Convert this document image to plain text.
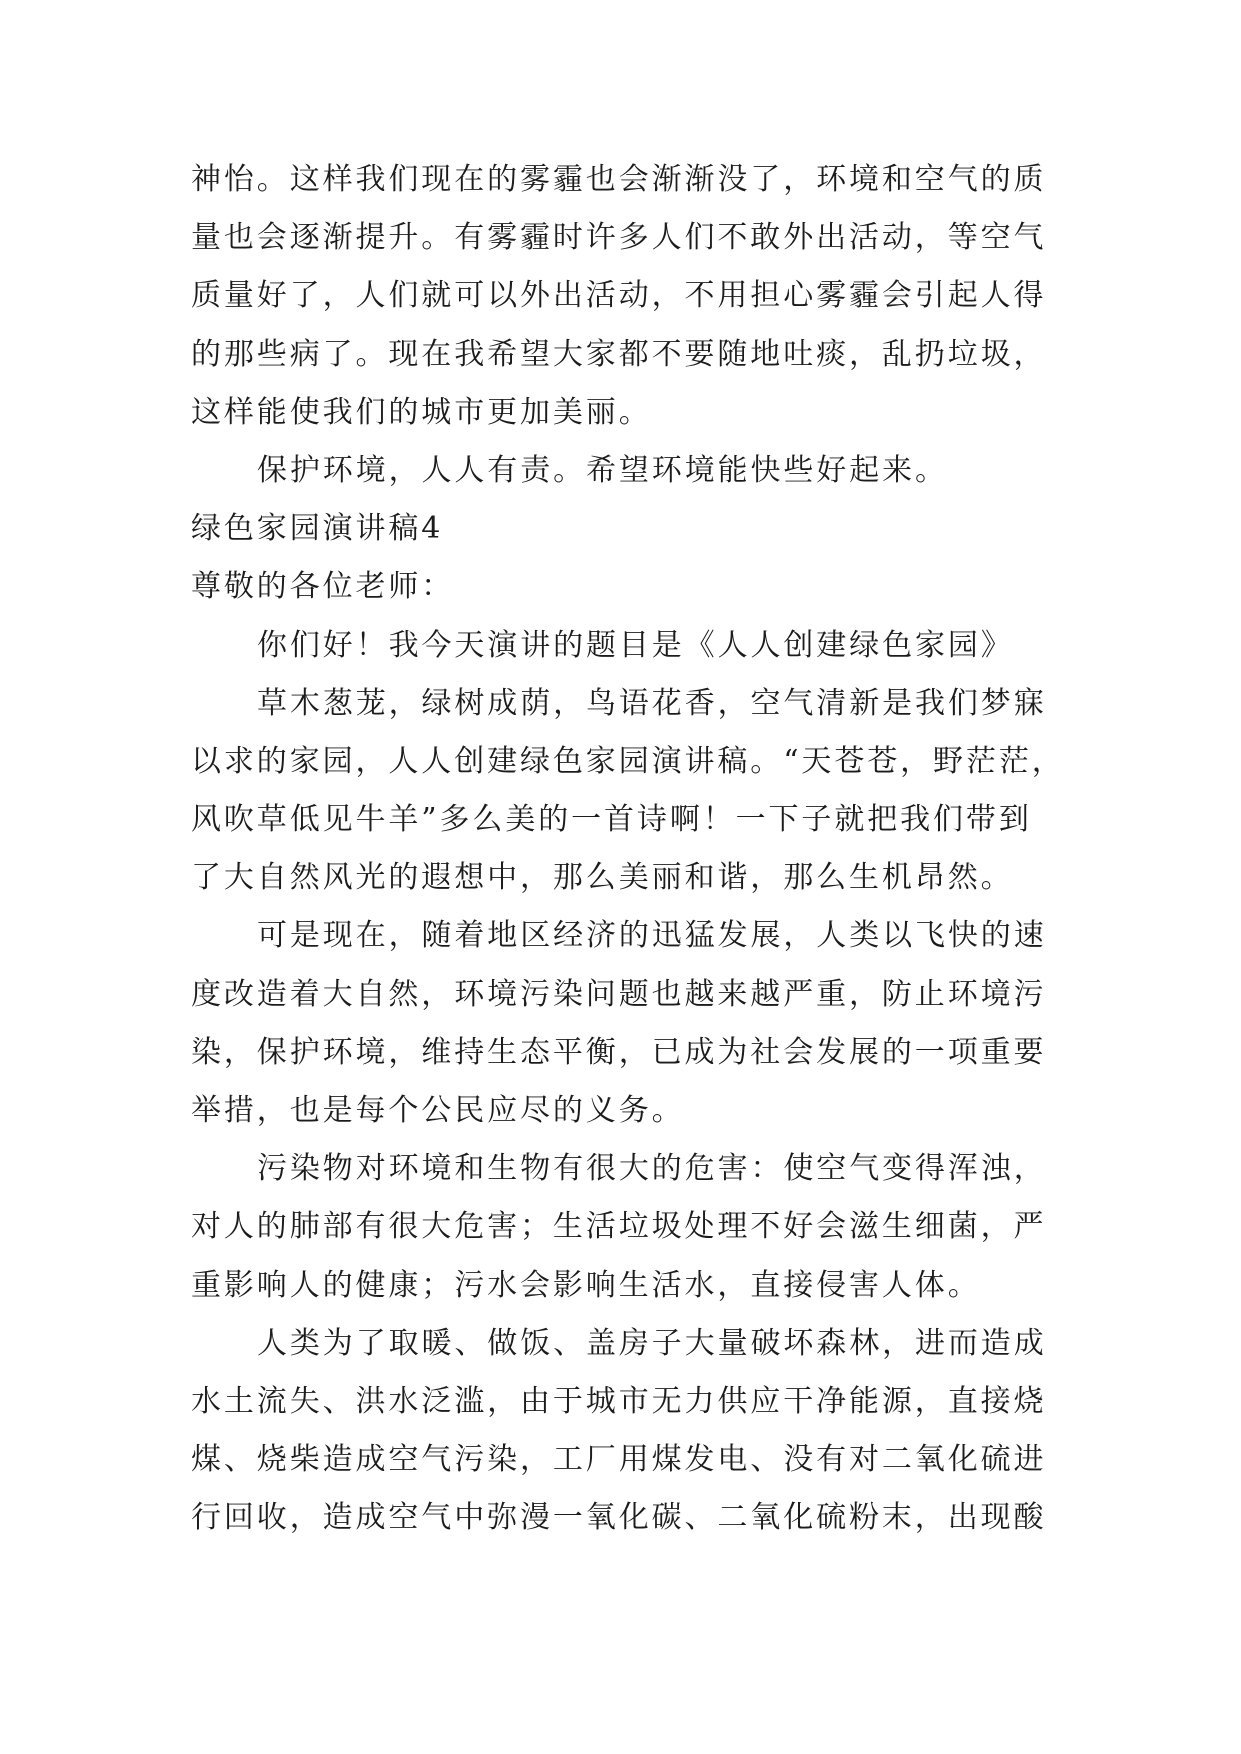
神怡。这样我们现在的雾霾也会渐渐没了，环境和空气的质
量也会逐渐提升。有雾霾时许多人们不敢外出活动，等空气
质量好了，人们就可以外出活动，不用担心雾霾会引起人得
的那些病了。现在我希望大家都不要随地吐痰，乱扔垃圾，
这样能使我们的城市更加美丽。
保护环境，人人有责。希望环境能快些好起来。
绿色家园演讲稿4
尊敬的各位老师：
你们好！我今天演讲的题目是《人人创建绿色家园》
草木葱茏，绿树成荫，鸟语花香，空气清新是我们梦寐
以求的家园，人人创建绿色家园演讲稿。“天苍苍，野茫茫，
风吹草低见牛羊”多么美的一首诗啊！一下子就把我们带到
了大自然风光的遐想中，那么美丽和谐，那么生机昂然。
可是现在，随着地区经济的迅猛发展，人类以飞快的速
度改造着大自然，环境污染问题也越来越严重，防止环境污
染，保护环境，维持生态平衡，已成为社会发展的一项重要
举措，也是每个公民应尽的义务。
污染物对环境和生物有很大的危害：使空气变得浑浊，
对人的肺部有很大危害；生活垃圾处理不好会滋生细菌，严
重影响人的健康；污水会影响生活水，直接侵害人体。
人类为了取暖、做饭、盖房子大量破坏森林，进而造成
水土流失、洪水泛滥，由于城市无力供应干净能源，直接烧
煤、烧柴造成空气污染，工厂用煤发电、没有对二氧化硫进
行回收，造成空气中弥漫一氧化碳、二氧化硫粉末，出现酸
